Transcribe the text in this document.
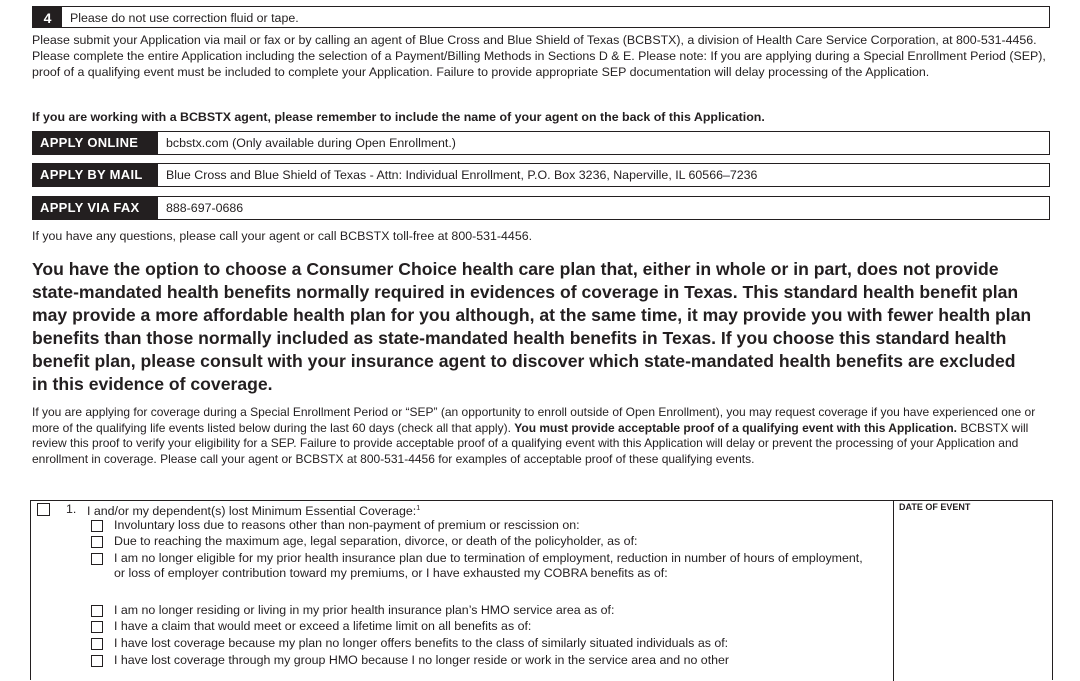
4	Please do not use correction fluid or tape.
Please submit your Application via mail or fax or by calling an agent of Blue Cross and Blue Shield of Texas (BCBSTX), a division of Health Care Service Corporation, at 800-531-4456. Please complete the entire Application including the selection of a Payment/Billing Methods in Sections D & E. Please note: If you are applying during a Special Enrollment Period (SEP), proof of a qualifying event must be included to complete your Application. Failure to provide appropriate SEP documentation will delay processing of the Application.
If you are working with a BCBSTX agent, please remember to include the name of your agent on the back of this Application.
APPLY ONLINE	bcbstx.com (Only available during Open Enrollment.)
APPLY BY MAIL	Blue Cross and Blue Shield of Texas - Attn: Individual Enrollment, P.O. Box 3236, Naperville, IL 60566–7236
APPLY VIA FAX	888-697-0686
If you have any questions, please call your agent or call BCBSTX toll-free at 800-531-4456.
You have the option to choose a Consumer Choice health care plan that, either in whole or in part, does not provide state-mandated health benefits normally required in evidences of coverage in Texas. This standard health benefit plan may provide a more affordable health plan for you although, at the same time, it may provide you with fewer health plan benefits than those normally included as state-mandated health benefits in Texas. If you choose this standard health benefit plan, please consult with your insurance agent to discover which state-mandated health benefits are excluded in this evidence of coverage.
If you are applying for coverage during a Special Enrollment Period or “SEP” (an opportunity to enroll outside of Open Enrollment), you may request coverage if you have experienced one or more of the qualifying life events listed below during the last 60 days (check all that apply). You must provide acceptable proof of a qualifying event with this Application. BCBSTX will review this proof to verify your eligibility for a SEP. Failure to provide acceptable proof of a qualifying event with this Application will delay or prevent the processing of your Application and enrollment in coverage. Please call your agent or BCBSTX at 800-531-4456 for examples of acceptable proof of these qualifying events.
DATE OF EVENT
1. I and/or my dependent(s) lost Minimum Essential Coverage:$^1$
Involuntary loss due to reasons other than non-payment of premium or rescission on:
Due to reaching the maximum age, legal separation, divorce, or death of the policyholder, as of:
I am no longer eligible for my prior health insurance plan due to termination of employment, reduction in number of hours of employment, or loss of employer contribution toward my premiums, or I have exhausted my COBRA benefits as of:
I am no longer residing or living in my prior health insurance plan’s HMO service area as of:
I have a claim that would meet or exceed a lifetime limit on all benefits as of:
I have lost coverage because my plan no longer offers benefits to the class of similarly situated individuals as of:
I have lost coverage through my group HMO because I no longer reside or work in the service area and no other
